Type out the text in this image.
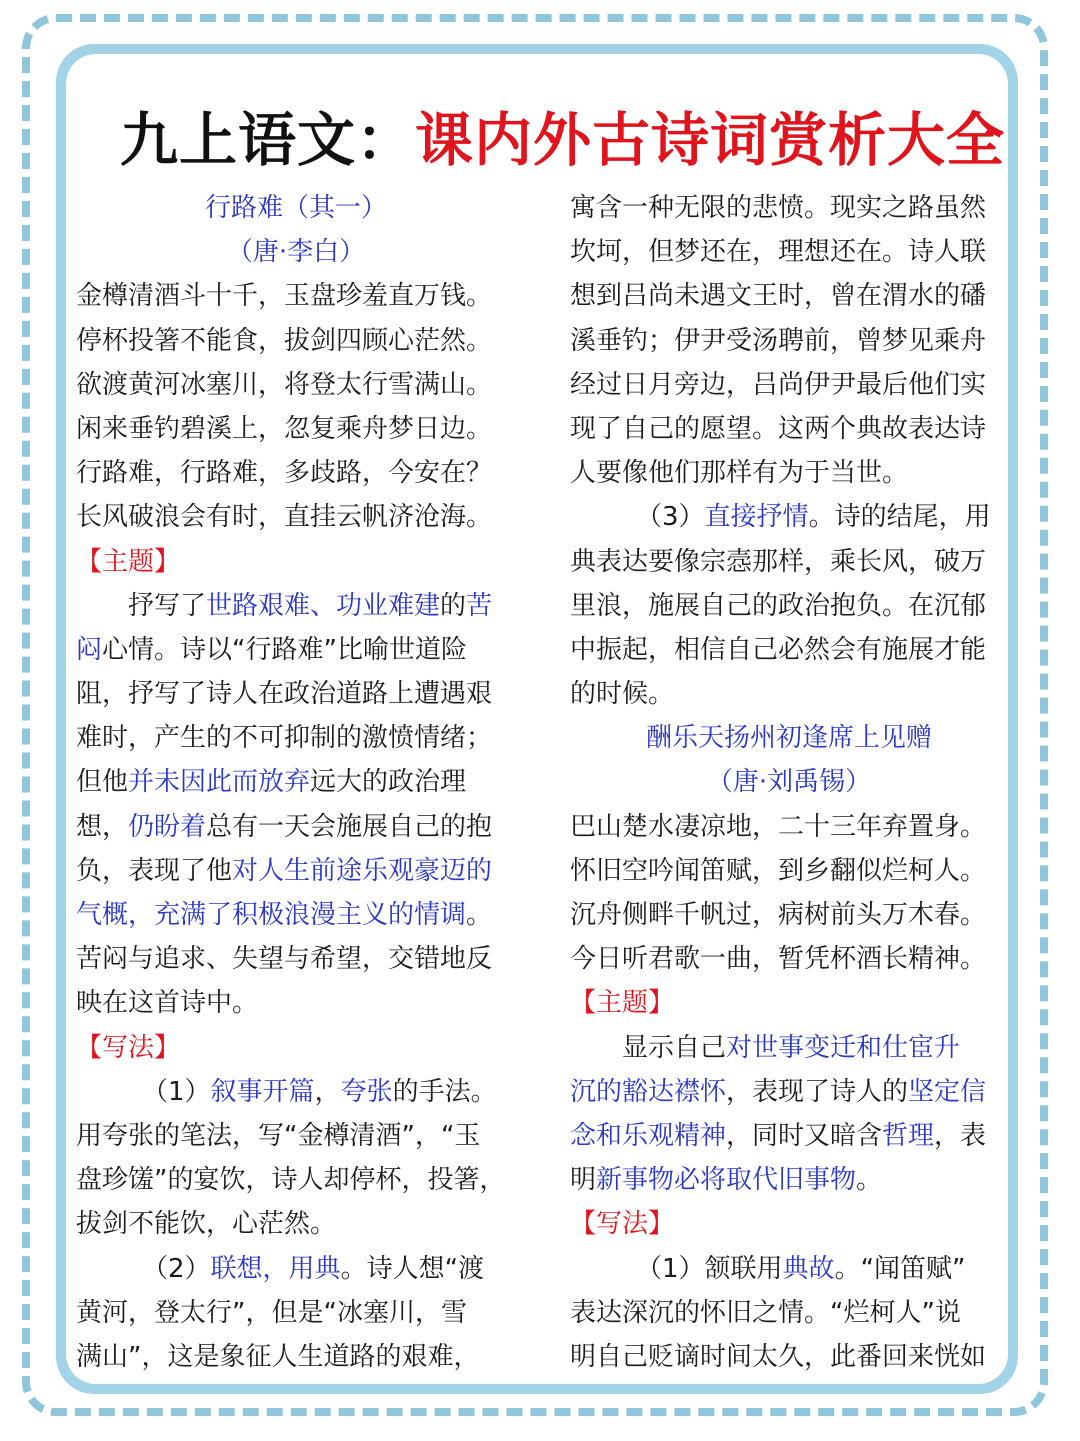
九上语文：课内外古诗词赏析大全
行路难（其一）
（唐·李白）
金樽清酒斗十千，玉盘珍羞直万钱。
停杯投箸不能食，拔剑四顾心茫然。
欲渡黄河冰塞川，将登太行雪满山。
闲来垂钓碧溪上，忽复乘舟梦日边。
行路难，行路难，多歧路，今安在？
长风破浪会有时，直挂云帆济沧海。
【主题】
抒写了世路艰难、功业难建的苦
闷心情。诗以“行路难”比喻世道险
阻，抒写了诗人在政治道路上遭遇艰
难时，产生的不可抑制的激愤情绪；
但他并未因此而放弃远大的政治理
想，仍盼着总有一天会施展自己的抱
负，表现了他对人生前途乐观豪迈的
气概，充满了积极浪漫主义的情调。
苦闷与追求、失望与希望，交错地反
映在这首诗中。
【写法】
（1）叙事开篇，夸张的手法。
用夸张的笔法，写“金樽清酒”，“玉
盘珍馐”的宴饮，诗人却停杯，投箸，
拔剑不能饮，心茫然。
（2）联想，用典。诗人想“渡
黄河，登太行”，但是“冰塞川，雪
满山”，这是象征人生道路的艰难，
寓含一种无限的悲愤。现实之路虽然
坎坷，但梦还在，理想还在。诗人联
想到吕尚未遇文王时，曾在渭水的磻
溪垂钓；伊尹受汤聘前，曾梦见乘舟
经过日月旁边，吕尚伊尹最后他们实
现了自己的愿望。这两个典故表达诗
人要像他们那样有为于当世。
（3）直接抒情。诗的结尾，用
典表达要像宗悫那样，乘长风，破万
里浪，施展自己的政治抱负。在沉郁
中振起，相信自己必然会有施展才能
的时候。
酬乐天扬州初逢席上见赠
（唐·刘禹锡）
巴山楚水凄凉地，二十三年弃置身。
怀旧空吟闻笛赋，到乡翻似烂柯人。
沉舟侧畔千帆过，病树前头万木春。
今日听君歌一曲，暂凭杯酒长精神。
【主题】
显示自己对世事变迁和仕宦升
沉的豁达襟怀，表现了诗人的坚定信
念和乐观精神，同时又暗含哲理，表
明新事物必将取代旧事物。
【写法】
（1）颔联用典故。“闻笛赋”
表达深沉的怀旧之情。“烂柯人”说
明自己贬谪时间太久，此番回来恍如
